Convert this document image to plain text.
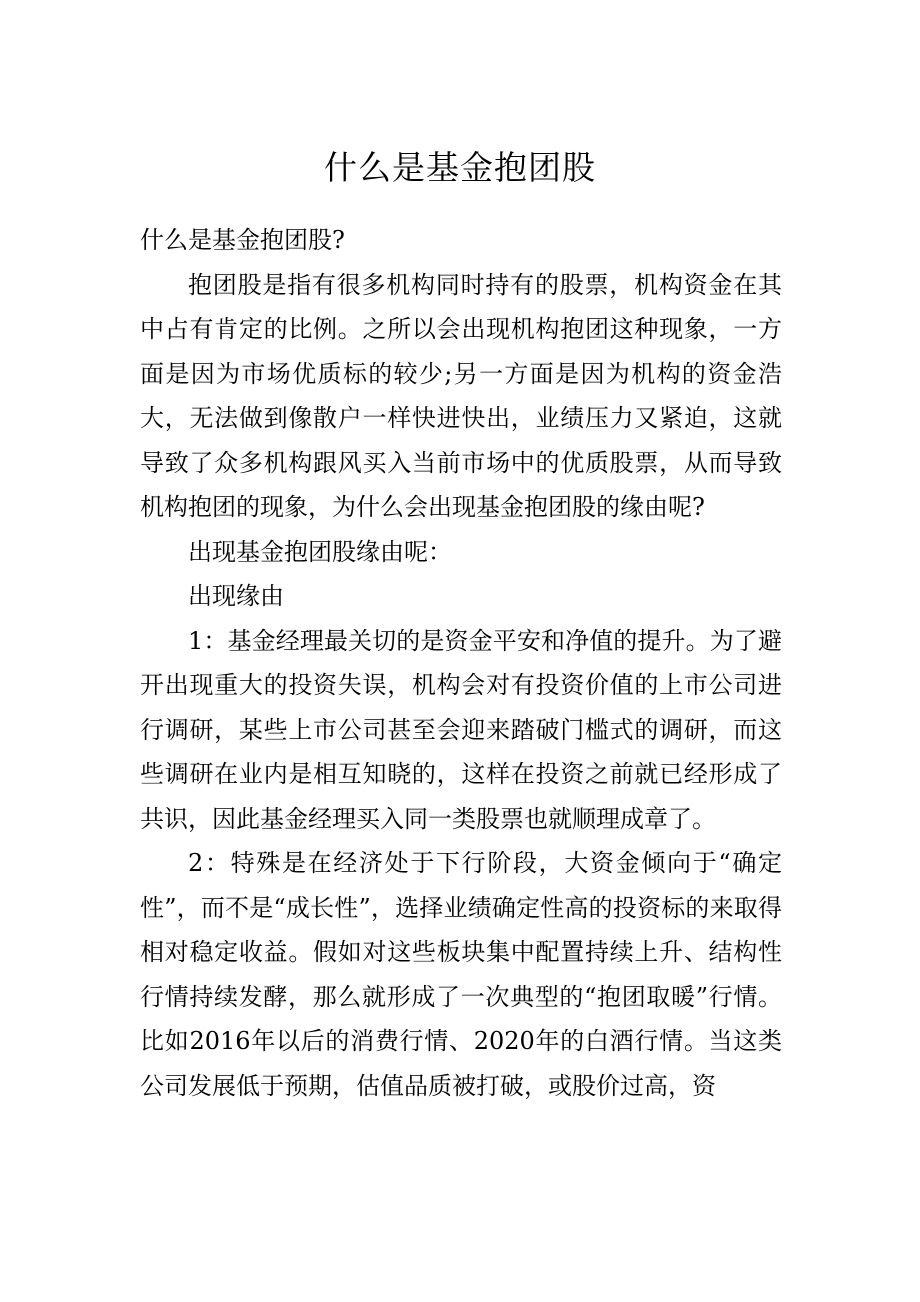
什么是基金抱团股

什么是基金抱团股?

抱团股是指有很多机构同时持有的股票，机构资金在其中占有肯定的比例。之所以会出现机构抱团这种现象，一方面是因为市场优质标的较少;另一方面是因为机构的资金浩大，无法做到像散户一样快进快出，业绩压力又紧迫，这就导致了众多机构跟风买入当前市场中的优质股票，从而导致机构抱团的现象，为什么会出现基金抱团股的缘由呢?

出现基金抱团股缘由呢：

出现缘由

1：基金经理最关切的是资金平安和净值的提升。为了避开出现重大的投资失误，机构会对有投资价值的上市公司进行调研，某些上市公司甚至会迎来踏破门槛式的调研，而这些调研在业内是相互知晓的，这样在投资之前就已经形成了共识，因此基金经理买入同一类股票也就顺理成章了。

2：特殊是在经济处于下行阶段，大资金倾向于“确定性”，而不是“成长性”，选择业绩确定性高的投资标的来取得相对稳定收益。假如对这些板块集中配置持续上升、结构性行情持续发酵，那么就形成了一次典型的“抱团取暖”行情。比如2016年以后的消费行情、2020年的白酒行情。当这类公司发展低于预期，估值品质被打破，或股价过高，资
